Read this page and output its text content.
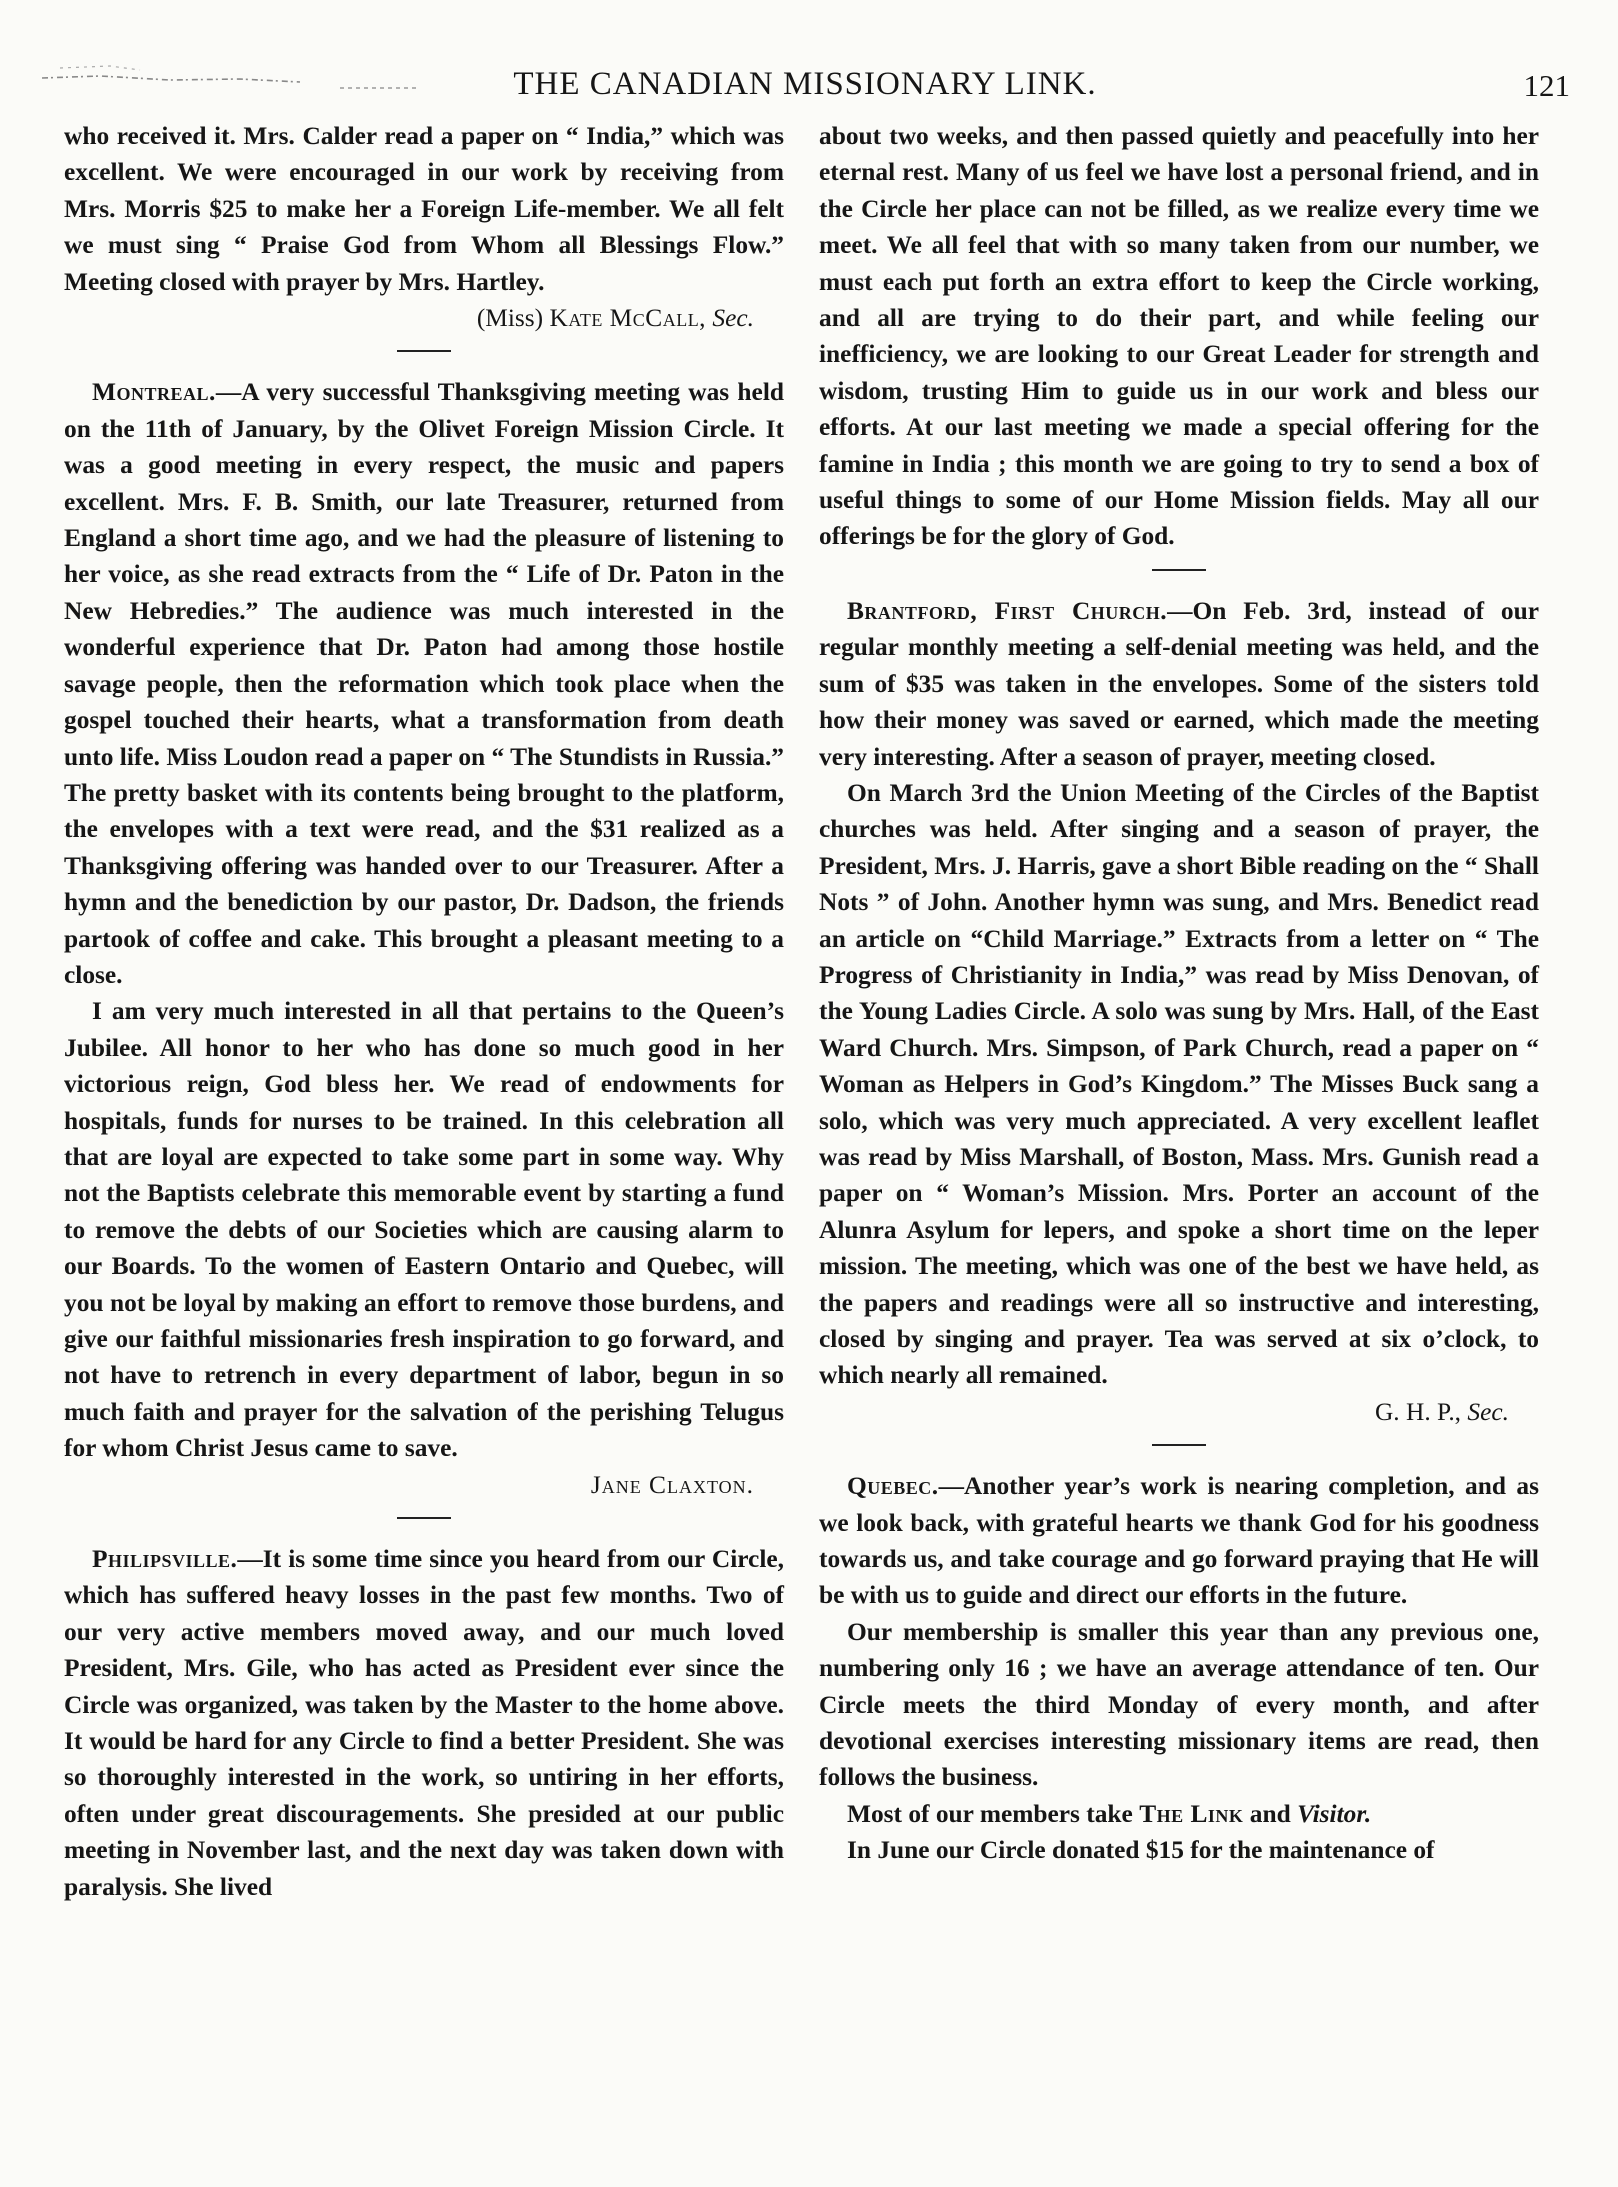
THE CANADIAN MISSIONARY LINK.	121

who received it. Mrs. Calder read a paper on “ India,” which was excellent. We were encouraged in our work by receiving from Mrs. Morris $25 to make her a Foreign Life-member. We all felt we must sing “ Praise God from Whom all Blessings Flow.” Meeting closed with prayer by Mrs. Hartley.

(Miss) Kate McCall, Sec.

Montreal.—A very successful Thanksgiving meeting was held on the 11th of January, by the Olivet Foreign Mission Circle. It was a good meeting in every respect, the music and papers excellent. Mrs. F. B. Smith, our late Treasurer, returned from England a short time ago, and we had the pleasure of listening to her voice, as she read extracts from the “ Life of Dr. Paton in the New Hebredies.” The audience was much interested in the wonderful experience that Dr. Paton had among those hostile savage people, then the reformation which took place when the gospel touched their hearts, what a transformation from death unto life. Miss Loudon read a paper on “ The Stundists in Russia.” The pretty basket with its contents being brought to the platform, the envelopes with a text were read, and the $31 realized as a Thanksgiving offering was handed over to our Treasurer. After a hymn and the benediction by our pastor, Dr. Dadson, the friends partook of coffee and cake. This brought a pleasant meeting to a close.

I am very much interested in all that pertains to the Queen’s Jubilee. All honor to her who has done so much good in her victorious reign, God bless her. We read of endowments for hospitals, funds for nurses to be trained. In this celebration all that are loyal are expected to take some part in some way. Why not the Baptists celebrate this memorable event by starting a fund to remove the debts of our Societies which are causing alarm to our Boards. To the women of Eastern Ontario and Quebec, will you not be loyal by making an effort to remove those burdens, and give our faithful missionaries fresh inspiration to go forward, and not have to retrench in every department of labor, begun in so much faith and prayer for the salvation of the perishing Telugus for whom Christ Jesus came to save.

Jane Claxton.

Philipsville.—It is some time since you heard from our Circle, which has suffered heavy losses in the past few months. Two of our very active members moved away, and our much loved President, Mrs. Gile, who has acted as President ever since the Circle was organized, was taken by the Master to the home above. It would be hard for any Circle to find a better President. She was so thoroughly interested in the work, so untiring in her efforts, often under great discouragements. She presided at our public meeting in November last, and the next day was taken down with paralysis. She lived

about two weeks, and then passed quietly and peacefully into her eternal rest. Many of us feel we have lost a personal friend, and in the Circle her place can not be filled, as we realize every time we meet. We all feel that with so many taken from our number, we must each put forth an extra effort to keep the Circle working, and all are trying to do their part, and while feeling our inefficiency, we are looking to our Great Leader for strength and wisdom, trusting Him to guide us in our work and bless our efforts. At our last meeting we made a special offering for the famine in India ; this month we are going to try to send a box of useful things to some of our Home Mission fields. May all our offerings be for the glory of God.

Brantford, First Church.—On Feb. 3rd, instead of our regular monthly meeting a self-denial meeting was held, and the sum of $35 was taken in the envelopes. Some of the sisters told how their money was saved or earned, which made the meeting very interesting. After a season of prayer, meeting closed.

On March 3rd the Union Meeting of the Circles of the Baptist churches was held. After singing and a season of prayer, the President, Mrs. J. Harris, gave a short Bible reading on the “ Shall Nots ” of John. Another hymn was sung, and Mrs. Benedict read an article on “Child Marriage.” Extracts from a letter on “ The Progress of Christianity in India,” was read by Miss Denovan, of the Young Ladies Circle. A solo was sung by Mrs. Hall, of the East Ward Church. Mrs. Simpson, of Park Church, read a paper on “ Woman as Helpers in God’s Kingdom.” The Misses Buck sang a solo, which was very much appreciated. A very excellent leaflet was read by Miss Marshall, of Boston, Mass. Mrs. Gunish read a paper on “ Woman’s Mission. Mrs. Porter an account of the Alunra Asylum for lepers, and spoke a short time on the leper mission. The meeting, which was one of the best we have held, as the papers and readings were all so instructive and interesting, closed by singing and prayer. Tea was served at six o’clock, to which nearly all remained.

G. H. P., Sec.

Quebec.—Another year’s work is nearing completion, and as we look back, with grateful hearts we thank God for his goodness towards us, and take courage and go forward praying that He will be with us to guide and direct our efforts in the future.

Our membership is smaller this year than any previous one, numbering only 16 ; we have an average attendance of ten. Our Circle meets the third Monday of every month, and after devotional exercises interesting missionary items are read, then follows the business.

Most of our members take The Link and Visitor.

In June our Circle donated $15 for the maintenance of
